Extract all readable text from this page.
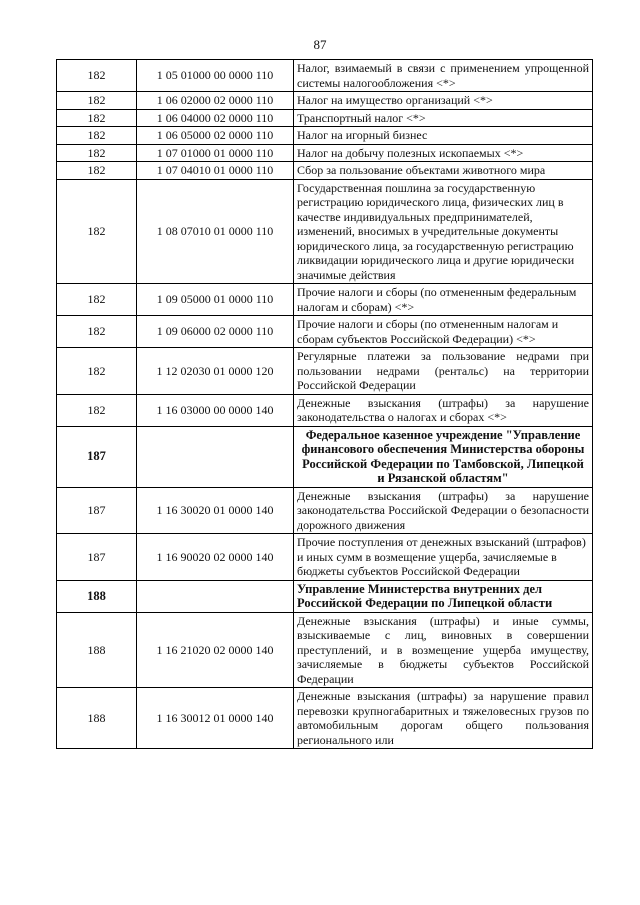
87
182	1 05 01000 00 0000 110	Налог, взимаемый в связи с применением упрощенной системы налогообложения <*>
182	1 06 02000 02 0000 110	Налог на имущество организаций <*>
182	1 06 04000 02 0000 110	Транспортный налог <*>
182	1 06 05000 02 0000 110	Налог на игорный бизнес
182	1 07 01000 01 0000 110	Налог на добычу полезных ископаемых <*>
182	1 07 04010 01 0000 110	Сбор за пользование объектами животного мира
182	1 08 07010 01 0000 110	Государственная пошлина за государственную регистрацию юридического лица, физических лиц в качестве индивидуальных предпринимателей, изменений, вносимых в учредительные документы юридического лица, за государственную регистрацию ликвидации юридического лица и другие юридически значимые действия
182	1 09 05000 01 0000 110	Прочие налоги и сборы (по отмененным федеральным налогам и сборам) <*>
182	1 09 06000 02 0000 110	Прочие налоги и сборы (по отмененным налогам и сборам субъектов Российской Федерации) <*>
182	1 12 02030 01 0000 120	Регулярные платежи за пользование недрами при пользовании недрами (рентальс) на территории Российской Федерации
182	1 16 03000 00 0000 140	Денежные взыскания (штрафы) за нарушение законодательства о налогах и сборах <*>
187		Федеральное казенное учреждение "Управление финансового обеспечения Министерства обороны Российской Федерации по Тамбовской, Липецкой и Рязанской областям"
187	1 16 30020 01 0000 140	Денежные взыскания (штрафы) за нарушение законодательства Российской Федерации о безопасности дорожного движения
187	1 16 90020 02 0000 140	Прочие поступления от денежных взысканий (штрафов) и иных сумм в возмещение ущерба, зачисляемые в бюджеты субъектов Российской Федерации
188		Управление Министерства внутренних дел Российской Федерации по Липецкой области
188	1 16 21020 02 0000 140	Денежные взыскания (штрафы) и иные суммы, взыскиваемые с лиц, виновных в совершении преступлений, и в возмещение ущерба имуществу, зачисляемые в бюджеты субъектов Российской Федерации
188	1 16 30012 01 0000 140	Денежные взыскания (штрафы) за нарушение правил перевозки крупногабаритных и тяжеловесных грузов по автомобильным дорогам общего пользования регионального или
